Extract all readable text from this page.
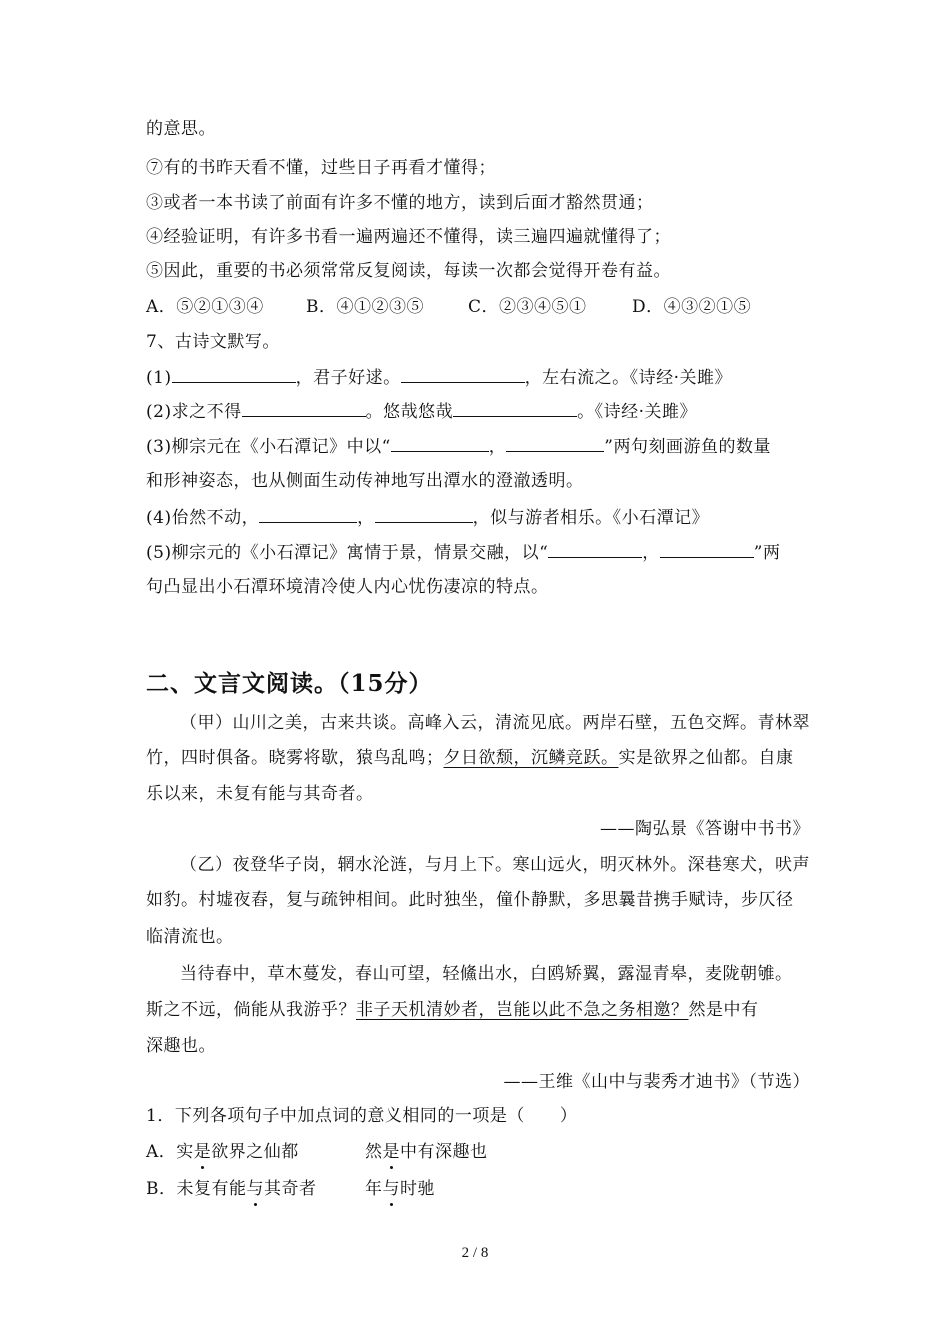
的意思。
⑦有的书昨天看不懂，过些日子再看才懂得；
③或者一本书读了前面有许多不懂的地方，读到后面才豁然贯通；
④经验证明，有许多书看一遍两遍还不懂得，读三遍四遍就懂得了；
⑤因此，重要的书必须常常反复阅读，每读一次都会觉得开卷有益。
A．⑤②①③④ B．④①②③⑤	C．②③④⑤①	D．④③②①⑤
7、古诗文默写。
(1)	，君子好逑。	，左右流之。《诗经·关雎》
(2)求之不得	。悠哉悠哉	。《诗经·关雎》
(3)柳宗元在《小石潭记》中以“	，	”两句刻画游鱼的数量
和形神姿态，也从侧面生动传神地写出潭水的澄澈透明。
(4)佁然不动，	，	，似与游者相乐。《小石潭记》
(5)柳宗元的《小石潭记》寓情于景，情景交融，以“	，	”两
句凸显出小石潭环境清冷使人内心忧伤凄凉的特点。
二、文言文阅读。（15分）
（甲）山川之美，古来共谈。高峰入云，清流见底。两岸石壁，五色交辉。青林翠
竹，四时俱备。晓雾将歇，猿鸟乱鸣；夕日欲颓，沉鳞竞跃。实是欲界之仙都。自康
乐以来，未复有能与其奇者。
——陶弘景《答谢中书书》
（乙）夜登华子岗，辋水沦涟，与月上下。寒山远火，明灭林外。深巷寒犬，吠声
如豹。村墟夜舂，复与疏钟相间。此时独坐，僮仆静默，多思曩昔携手赋诗，步仄径
临清流也。
当待春中，草木蔓发，春山可望，轻鯈出水，白鸥矫翼，露湿青皋，麦陇朝雊。
斯之不远，倘能从我游乎？非子天机清妙者，岂能以此不急之务相邀？然是中有
深趣也。
——王维《山中与裴秀才迪书》（节选）
1．下列各项句子中加点词的意义相同的一项是（　　）
A．实是欲界之仙都	然是中有深趣也
B．未复有能与其奇者	年与时驰
2 / 8
